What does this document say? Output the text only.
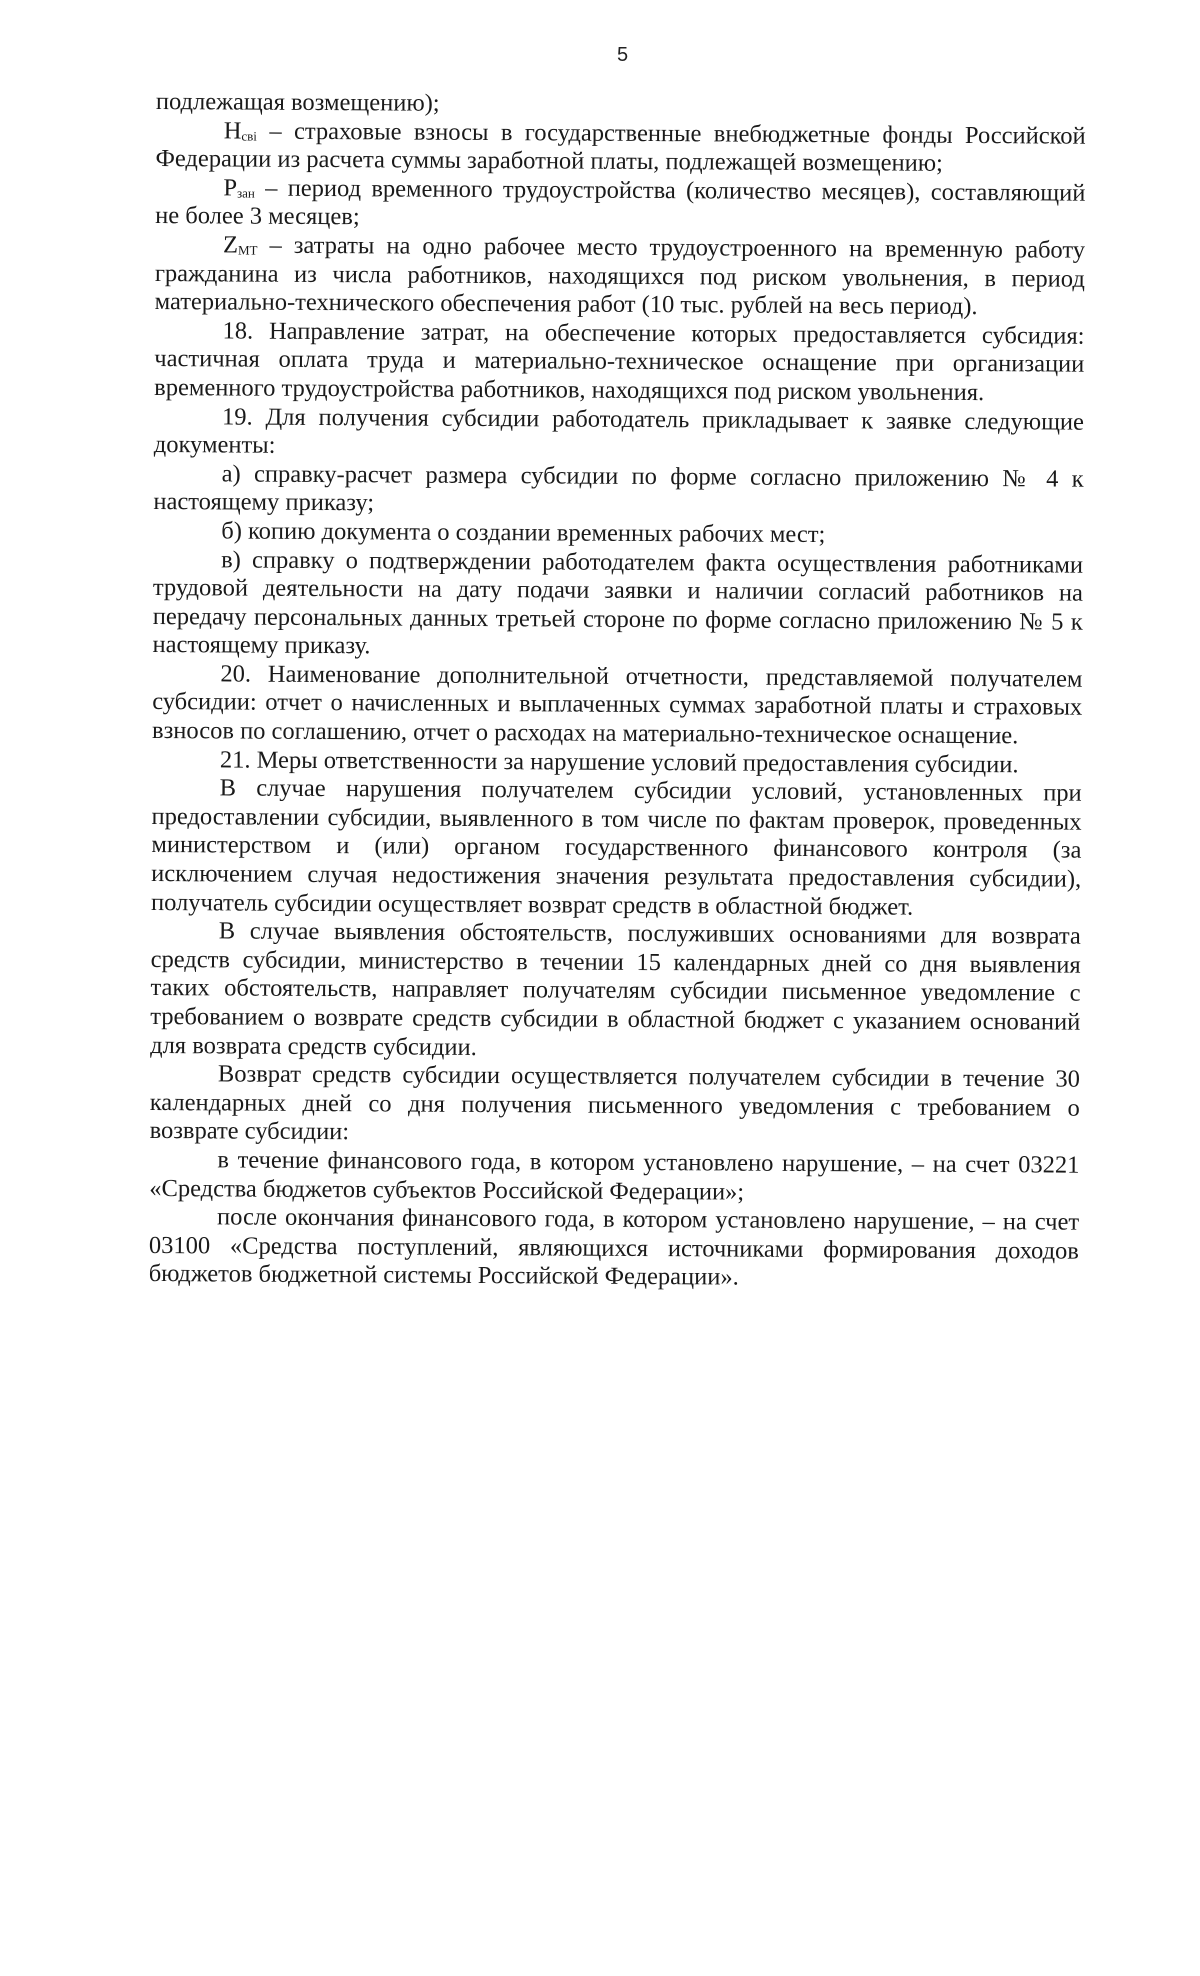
5

подлежащая возмещению);

$Н_{свi}$ – страховые взносы в государственные внебюджетные фонды Российской Федерации из расчета суммы заработной платы, подлежащей возмещению;

$Р_{зан}$ – период временного трудоустройства (количество месяцев), составляющий не более 3 месяцев;

$Z_{МТ}$ – затраты на одно рабочее место трудоустроенного на временную работу гражданина из числа работников, находящихся под риском увольнения, в период материально-технического обеспечения работ (10 тыс. рублей на весь период).

18. Направление затрат, на обеспечение которых предоставляется субсидия: частичная оплата труда и материально-техническое оснащение при организации временного трудоустройства работников, находящихся под риском увольнения.

19. Для получения субсидии работодатель прикладывает к заявке следующие документы:

а) справку-расчет размера субсидии по форме согласно приложению № 4 к настоящему приказу;

б) копию документа о создании временных рабочих мест;

в) справку о подтверждении работодателем факта осуществления работниками трудовой деятельности на дату подачи заявки и наличии согласий работников на передачу персональных данных третьей стороне по форме согласно приложению № 5 к настоящему приказу.

20. Наименование дополнительной отчетности, представляемой получателем субсидии: отчет о начисленных и выплаченных суммах заработной платы и страховых взносов по соглашению, отчет о расходах на материально-техническое оснащение.

21. Меры ответственности за нарушение условий предоставления субсидии.

В случае нарушения получателем субсидии условий, установленных при предоставлении субсидии, выявленного в том числе по фактам проверок, проведенных министерством и (или) органом государственного финансового контроля (за исключением случая недостижения значения результата предоставления субсидии), получатель субсидии осуществляет возврат средств в областной бюджет.

В случае выявления обстоятельств, послуживших основаниями для возврата средств субсидии, министерство в течении 15 календарных дней со дня выявления таких обстоятельств, направляет получателям субсидии письменное уведомление с требованием о возврате средств субсидии в областной бюджет с указанием оснований для возврата средств субсидии.

Возврат средств субсидии осуществляется получателем субсидии в течение 30 календарных дней со дня получения письменного уведомления с требованием о возврате субсидии:

в течение финансового года, в котором установлено нарушение, – на счет 03221 «Средства бюджетов субъектов Российской Федерации»;

после окончания финансового года, в котором установлено нарушение, – на счет 03100 «Средства поступлений, являющихся источниками формирования доходов бюджетов бюджетной системы Российской Федерации».
